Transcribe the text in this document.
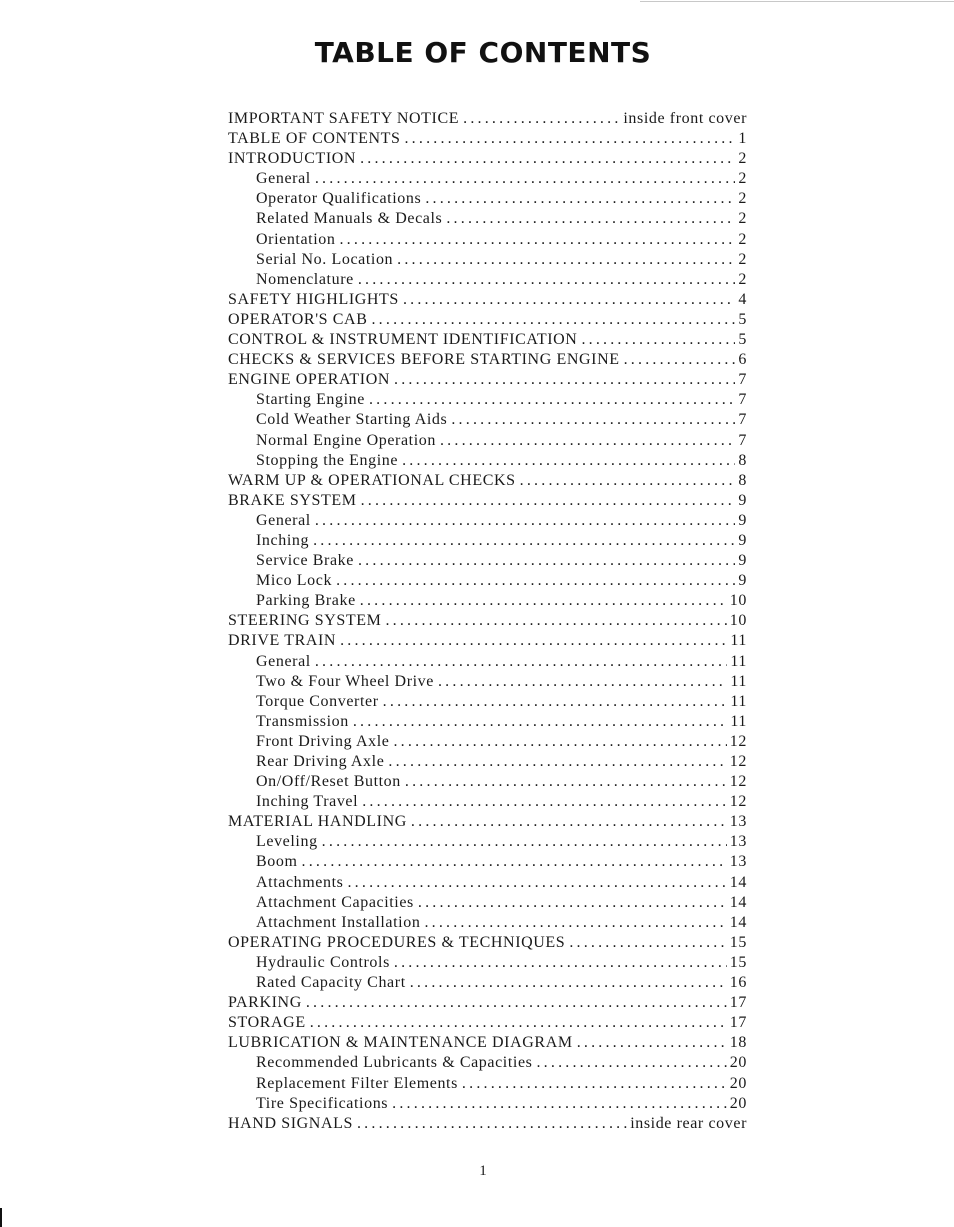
TABLE OF CONTENTS
IMPORTANT SAFETY NOTICE .....	inside front cover
TABLE OF CONTENTS .....	1
INTRODUCTION .....	2
General .....	2
Operator Qualifications .....	2
Related Manuals & Decals .....	2
Orientation .....	2
Serial No. Location .....	2
Nomenclature .....	2
SAFETY HIGHLIGHTS .....	4
OPERATOR'S CAB .....	5
CONTROL & INSTRUMENT IDENTIFICATION .....	5
CHECKS & SERVICES BEFORE STARTING ENGINE .....	6
ENGINE OPERATION .....	7
Starting Engine .....	7
Cold Weather Starting Aids .....	7
Normal Engine Operation .....	7
Stopping the Engine .....	8
WARM UP & OPERATIONAL CHECKS .....	8
BRAKE SYSTEM .....	9
General .....	9
Inching .....	9
Service Brake .....	9
Mico Lock .....	9
Parking Brake .....	10
STEERING SYSTEM .....	10
DRIVE TRAIN .....	11
General .....	11
Two & Four Wheel Drive .....	11
Torque Converter .....	11
Transmission .....	11
Front Driving Axle .....	12
Rear Driving Axle .....	12
On/Off/Reset Button .....	12
Inching Travel .....	12
MATERIAL HANDLING .....	13
Leveling .....	13
Boom .....	13
Attachments .....	14
Attachment Capacities .....	14
Attachment Installation .....	14
OPERATING PROCEDURES & TECHNIQUES .....	15
Hydraulic Controls .....	15
Rated Capacity Chart .....	16
PARKING .....	17
STORAGE .....	17
LUBRICATION & MAINTENANCE DIAGRAM .....	18
Recommended Lubricants & Capacities .....	20
Replacement Filter Elements .....	20
Tire Specifications .....	20
HAND SIGNALS .....	inside rear cover
1
